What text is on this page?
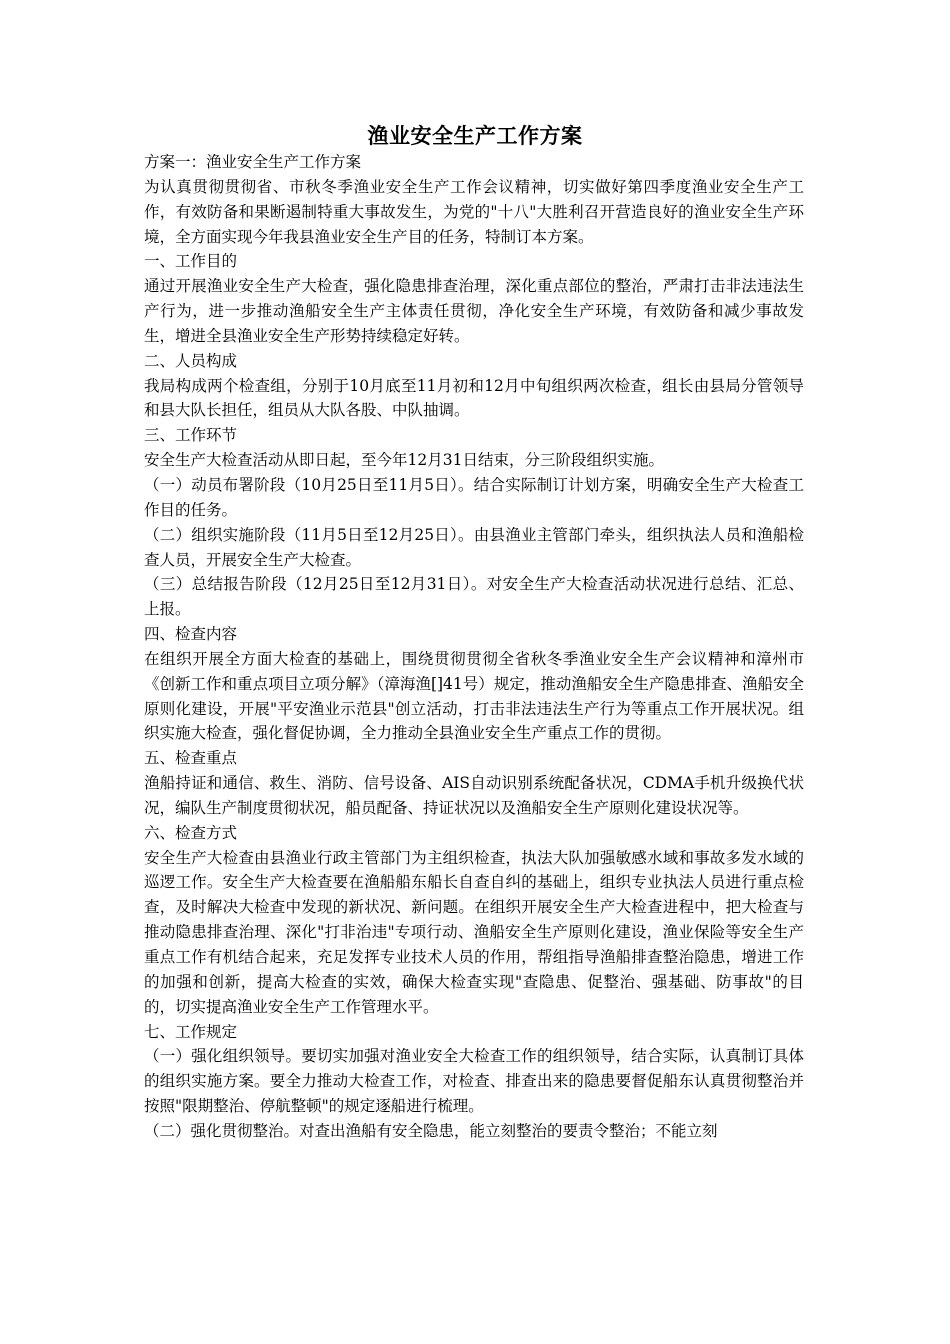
渔业安全生产工作方案

方案一：渔业安全生产工作方案

为认真贯彻贯彻省、市秋冬季渔业安全生产工作会议精神，切实做好第四季度渔业安全生产工作，有效防备和果断遏制特重大事故发生，为党的"十八"大胜利召开营造良好的渔业安全生产环境，全方面实现今年我县渔业安全生产目的任务，特制订本方案。

一、工作目的

通过开展渔业安全生产大检查，强化隐患排查治理，深化重点部位的整治，严肃打击非法违法生产行为，进一步推动渔船安全生产主体责任贯彻，净化安全生产环境，有效防备和减少事故发生，增进全县渔业安全生产形势持续稳定好转。

二、人员构成

我局构成两个检查组，分别于10月底至11月初和12月中旬组织两次检查，组长由县局分管领导和县大队长担任，组员从大队各股、中队抽调。

三、工作环节

安全生产大检查活动从即日起，至今年12月31日结束，分三阶段组织实施。

（一）动员布署阶段（10月25日至11月5日）。结合实际制订计划方案，明确安全生产大检查工作目的任务。

（二）组织实施阶段（11月5日至12月25日）。由县渔业主管部门牵头，组织执法人员和渔船检查人员，开展安全生产大检查。

（三）总结报告阶段（12月25日至12月31日）。对安全生产大检查活动状况进行总结、汇总、上报。

四、检查内容

在组织开展全方面大检查的基础上，围绕贯彻贯彻全省秋冬季渔业安全生产会议精神和漳州市《创新工作和重点项目立项分解》（漳海渔[]41号）规定，推动渔船安全生产隐患排查、渔船安全原则化建设，开展"平安渔业示范县"创立活动，打击非法违法生产行为等重点工作开展状况。组织实施大检查，强化督促协调，全力推动全县渔业安全生产重点工作的贯彻。

五、检查重点

渔船持证和通信、救生、消防、信号设备、AIS自动识别系统配备状况，CDMA手机升级换代状况，编队生产制度贯彻状况，船员配备、持证状况以及渔船安全生产原则化建设状况等。

六、检查方式

安全生产大检查由县渔业行政主管部门为主组织检查，执法大队加强敏感水域和事故多发水域的巡逻工作。安全生产大检查要在渔船船东船长自查自纠的基础上，组织专业执法人员进行重点检查，及时解决大检查中发现的新状况、新问题。在组织开展安全生产大检查进程中，把大检查与推动隐患排查治理、深化"打非治违"专项行动、渔船安全生产原则化建设，渔业保险等安全生产重点工作有机结合起来，充足发挥专业技术人员的作用，帮组指导渔船排查整治隐患，增进工作的加强和创新，提高大检查的实效，确保大检查实现"查隐患、促整治、强基础、防事故"的目的，切实提高渔业安全生产工作管理水平。

七、工作规定

（一）强化组织领导。要切实加强对渔业安全大检查工作的组织领导，结合实际，认真制订具体的组织实施方案。要全力推动大检查工作，对检查、排查出来的隐患要督促船东认真贯彻整治并按照"限期整治、停航整顿"的规定逐船进行梳理。

（二）强化贯彻整治。对查出渔船有安全隐患，能立刻整治的要责令整治；不能立刻
